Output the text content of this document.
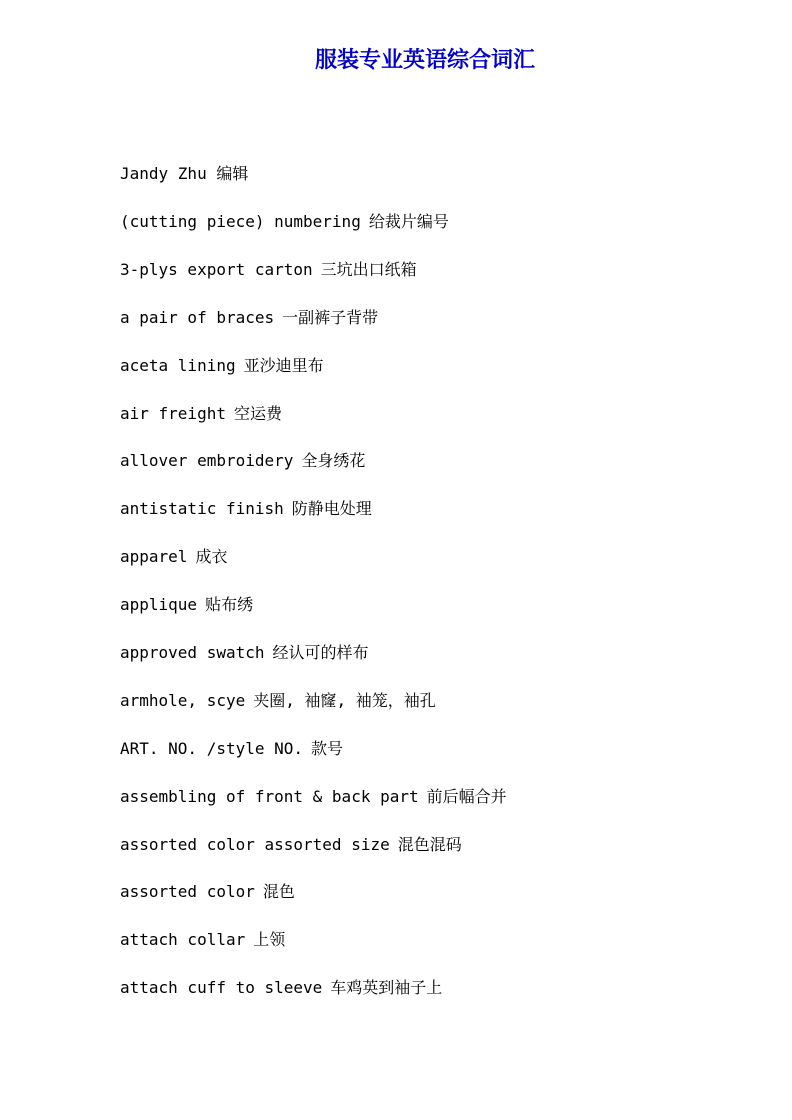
服装专业英语综合词汇
Jandy Zhu 编辑
(cutting piece) numbering 给裁片编号
3-plys export carton 三坑出口纸箱
a pair of braces 一副裤子背带
aceta lining 亚沙迪里布
air freight 空运费
allover embroidery 全身绣花
antistatic finish 防静电处理
apparel 成衣
applique 贴布绣
approved swatch 经认可的样布
armhole, scye 夹圈, 袖窿, 袖笼，袖孔
ART. NO. /style NO. 款号
assembling of front & back part 前后幅合并
assorted color assorted size 混色混码
assorted color 混色
attach collar 上领
attach cuff to sleeve 车鸡英到袖子上
